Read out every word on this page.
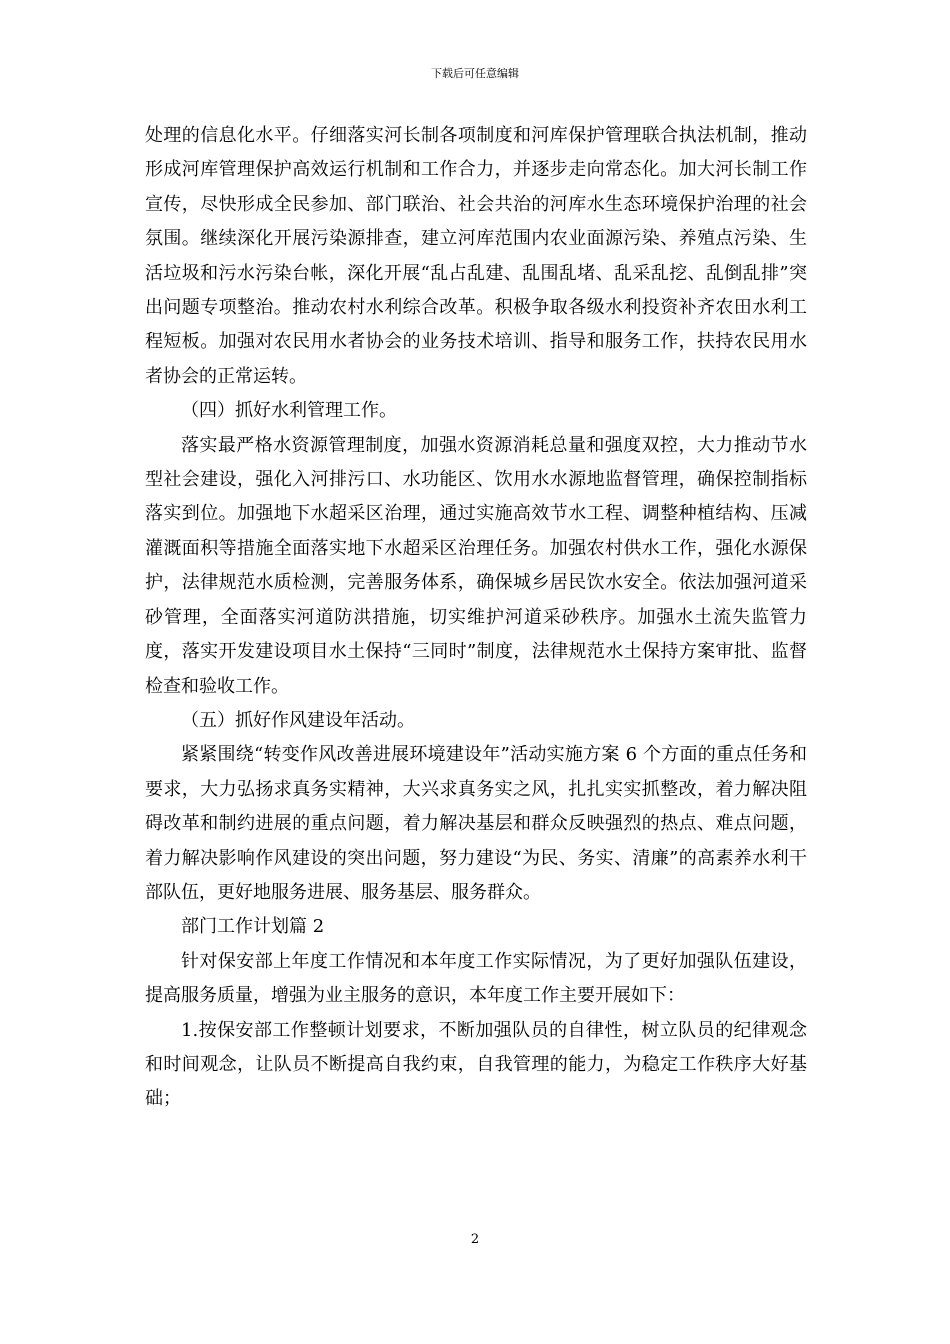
下载后可任意编辑

处理的信息化水平。仔细落实河长制各项制度和河库保护管理联合执法机制，推动形成河库管理保护高效运行机制和工作合力，并逐步走向常态化。加大河长制工作宣传，尽快形成全民参加、部门联治、社会共治的河库水生态环境保护治理的社会氛围。继续深化开展污染源排查，建立河库范围内农业面源污染、养殖点污染、生活垃圾和污水污染台帐，深化开展“乱占乱建、乱围乱堵、乱采乱挖、乱倒乱排”突出问题专项整治。推动农村水利综合改革。积极争取各级水利投资补齐农田水利工程短板。加强对农民用水者协会的业务技术培训、指导和服务工作，扶持农民用水者协会的正常运转。

（四）抓好水利管理工作。

落实最严格水资源管理制度，加强水资源消耗总量和强度双控，大力推动节水型社会建设，强化入河排污口、水功能区、饮用水水源地监督管理，确保控制指标落实到位。加强地下水超采区治理，通过实施高效节水工程、调整种植结构、压减灌溉面积等措施全面落实地下水超采区治理任务。加强农村供水工作，强化水源保护，法律规范水质检测，完善服务体系，确保城乡居民饮水安全。依法加强河道采砂管理，全面落实河道防洪措施，切实维护河道采砂秩序。加强水土流失监管力度，落实开发建设项目水土保持“三同时”制度，法律规范水土保持方案审批、监督检查和验收工作。

（五）抓好作风建设年活动。

紧紧围绕“转变作风改善进展环境建设年”活动实施方案 6 个方面的重点任务和要求，大力弘扬求真务实精神，大兴求真务实之风，扎扎实实抓整改，着力解决阻碍改革和制约进展的重点问题，着力解决基层和群众反映强烈的热点、难点问题，着力解决影响作风建设的突出问题，努力建设“为民、务实、清廉”的高素养水利干部队伍，更好地服务进展、服务基层、服务群众。

部门工作计划篇 2

针对保安部上年度工作情况和本年度工作实际情况，为了更好加强队伍建设，提高服务质量，增强为业主服务的意识，本年度工作主要开展如下：

1.按保安部工作整顿计划要求，不断加强队员的自律性，树立队员的纪律观念和时间观念，让队员不断提高自我约束，自我管理的能力，为稳定工作秩序大好基础；

2
